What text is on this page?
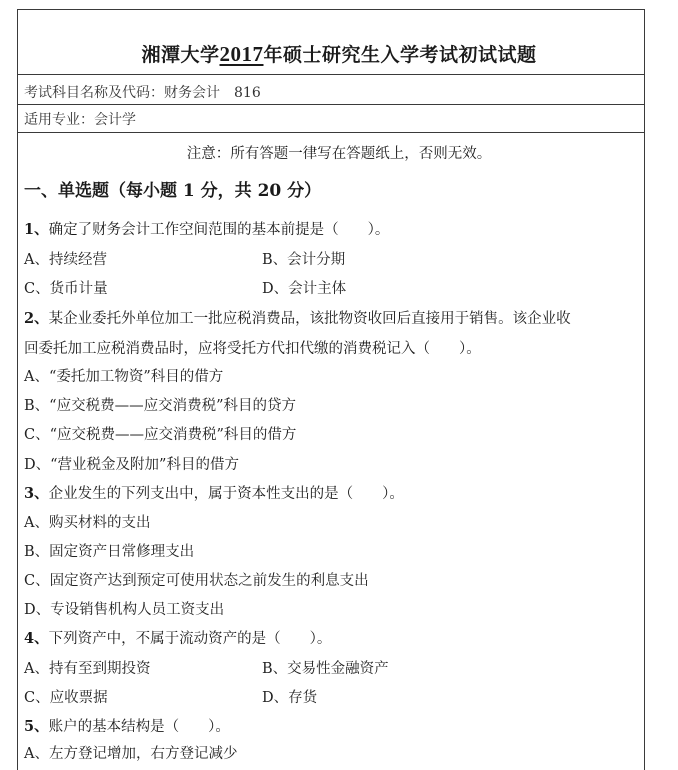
湘潭大学2017年硕士研究生入学考试初试试题
考试科目名称及代码：财务会计 816
适用专业：会计学
注意：所有答题一律写在答题纸上，否则无效。
一、单选题（每小题 1 分，共 20 分）
1、确定了财务会计工作空间范围的基本前提是（　　）。
A、持续经营	B、会计分期
C、货币计量	D、会计主体
2、某企业委托外单位加工一批应税消费品，该批物资收回后直接用于销售。该企业收
回委托加工应税消费品时，应将受托方代扣代缴的消费税记入（　　）。
A、“委托加工物资”科目的借方
B、“应交税费——应交消费税”科目的贷方
C、“应交税费——应交消费税”科目的借方
D、“营业税金及附加”科目的借方
3、企业发生的下列支出中，属于资本性支出的是（　　）。
A、购买材料的支出
B、固定资产日常修理支出
C、固定资产达到预定可使用状态之前发生的利息支出
D、专设销售机构人员工资支出
4、下列资产中，不属于流动资产的是（　　）。
A、持有至到期投资	B、交易性金融资产
C、应收票据	D、存货
5、账户的基本结构是（　　）。
A、左方登记增加，右方登记减少
